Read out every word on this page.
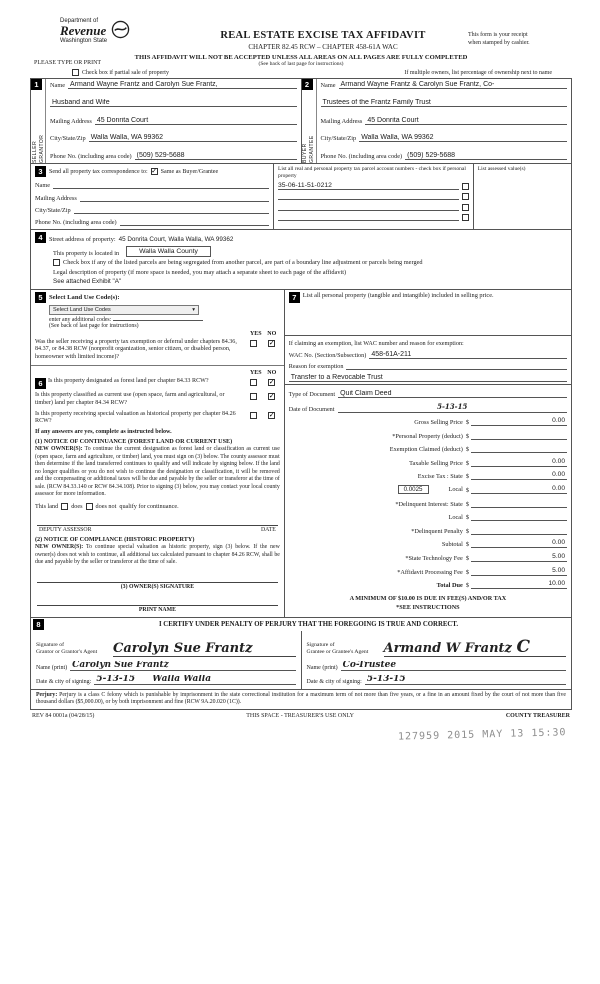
Department of
Revenue
Washington State	REAL ESTATE EXCISE TAX AFFIDAVIT
CHAPTER 82.45 RCW – CHAPTER 458-61A WAC
This form is your receipt
when stamped by cashier.
PLEASE TYPE OR PRINT
THIS AFFIDAVIT WILL NOT BE ACCEPTED UNLESS ALL AREAS ON ALL PAGES ARE FULLY COMPLETED
(See back of last page for instructions)
Check box if partial sale of property	If multiple owners, list percentage of ownership next to name
1
SELLER GRANTOR
Name Armand Wayne Frantz and Carolyn Sue Frantz,
Husband and Wife
Mailing Address 45 Donrita Court
City/State/Zip Walla Walla, WA 99362
Phone No. (including area code) (509) 529-5688
2
BUYER GRANTEE
Name Armand Wayne Frantz & Carolyn Sue Frantz, Co-
Trustees of the Frantz Family Trust
Mailing Address 45 Donrita Court
City/State/Zip Walla Walla, WA 99362
Phone No. (including area code) (509) 529-5688
3	Send all property tax correspondence to: ✓ Same as Buyer/Grantee
Name
Mailing Address
City/State/Zip
Phone No. (including area code)
List all real and personal property tax parcel account numbers - check box if personal property
35-06-11-51-0212
List assessed value(s)
4	Street address of property: 45 Donrita Court, Walla Walla, WA 99362
This property is located in	Walla Walla County
Check box if any of the listed parcels are being segregated from another parcel, are part of a boundary line adjustment or parcels being merged
Legal description of property (if more space is needed, you may attach a separate sheet to each page of the affidavit)
See attached Exhibit "A"
5 Select Land Use Code(s):
Select Land Use Codes	▾
enter any additional codes:
(See back of last page for instructions)
YES NO
Was the seller receiving a property tax exemption or deferral under chapters 84.36, 84.37, or 84.38 RCW (nonprofit organization, senior citizen, or disabled person, homeowner with limited income)?
✓
YES NO
6 Is this property designated as forest land per chapter 84.33 RCW?	✓
Is this property classified as current use (open space, farm and agricultural, or timber) land per chapter 84.34 RCW?
✓
Is this property receiving special valuation as historical property per chapter 84.26 RCW?
✓
If any answers are yes, complete as instructed below.
(1) NOTICE OF CONTINUANCE (FOREST LAND OR CURRENT USE)
NEW OWNER(S): To continue the current designation as forest land or classification as current use (open space, farm and agriculture, or timber) land, you must sign on (3) below. The county assessor must then determine if the land transferred continues to qualify and will indicate by signing below. If the land no longer qualifies or you do not wish to continue the designation or classification, it will be removed and the compensating or additional taxes will be due and payable by the seller or transferor at the time of sale. (RCW 84.33.140 or RCW 84.34.108). Prior to signing (3) below, you may contact your local county assessor for more information.
This land does does not qualify for continuance.
DEPUTY ASSESSOR	DATE
(2) NOTICE OF COMPLIANCE (HISTORIC PROPERTY)
NEW OWNER(S): To continue special valuation as historic property, sign (3) below. If the new owner(s) does not wish to continue, all additional tax calculated pursuant to chapter 84.26 RCW, shall be due and payable by the seller or transferor at the time of sale.
(3) OWNER(S) SIGNATURE
PRINT NAME
7	List all personal property (tangible and intangible) included in selling price.
If claiming an exemption, list WAC number and reason for exemption:
WAC No. (Section/Subsection) 458-61A-211
Reason for exemption
Transfer to a Revocable Trust
Type of Document Quit Claim Deed
Date of Document	5-13-15
Gross Selling Price $	0.00
*Personal Property (deduct) $
Exemption Claimed (deduct) $
Taxable Selling Price $	0.00
Excise Tax : State $	0.00
0.0025	Local $	0.00
*Delinquent Interest: State $
Local $
*Delinquent Penalty $
Subtotal $	0.00
*State Technology Fee $	5.00
*Affidavit Processing Fee $	5.00
Total Due $	10.00
A MINIMUM OF $10.00 IS DUE IN FEE(S) AND/OR TAX
*SEE INSTRUCTIONS
8	I CERTIFY UNDER PENALTY OF PERJURY THAT THE FOREGOING IS TRUE AND CORRECT.
Signature of
Grantor or Grantor's Agent	Carolyn Sue Frantz
Name (print) Carolyn Sue Frantz
Date & city of signing: 5-13-15 Walla Walla
Signature of
Grantee or Grantee's Agent	Armand W Frantz C
Name (print) Co-Trustee
Date & city of signing: 5-13-15
Perjury: Perjury is a class C felony which is punishable by imprisonment in the state correctional institution for a maximum term of not more than five years, or a fine in an amount fixed by the court of not more than five thousand dollars ($5,000.00), or by both imprisonment and fine (RCW 9A.20.020 (1C)).
REV 84 0001a (04/28/15)	THIS SPACE - TREASURER'S USE ONLY	COUNTY TREASURER
127959 2015 MAY 13 15:30
